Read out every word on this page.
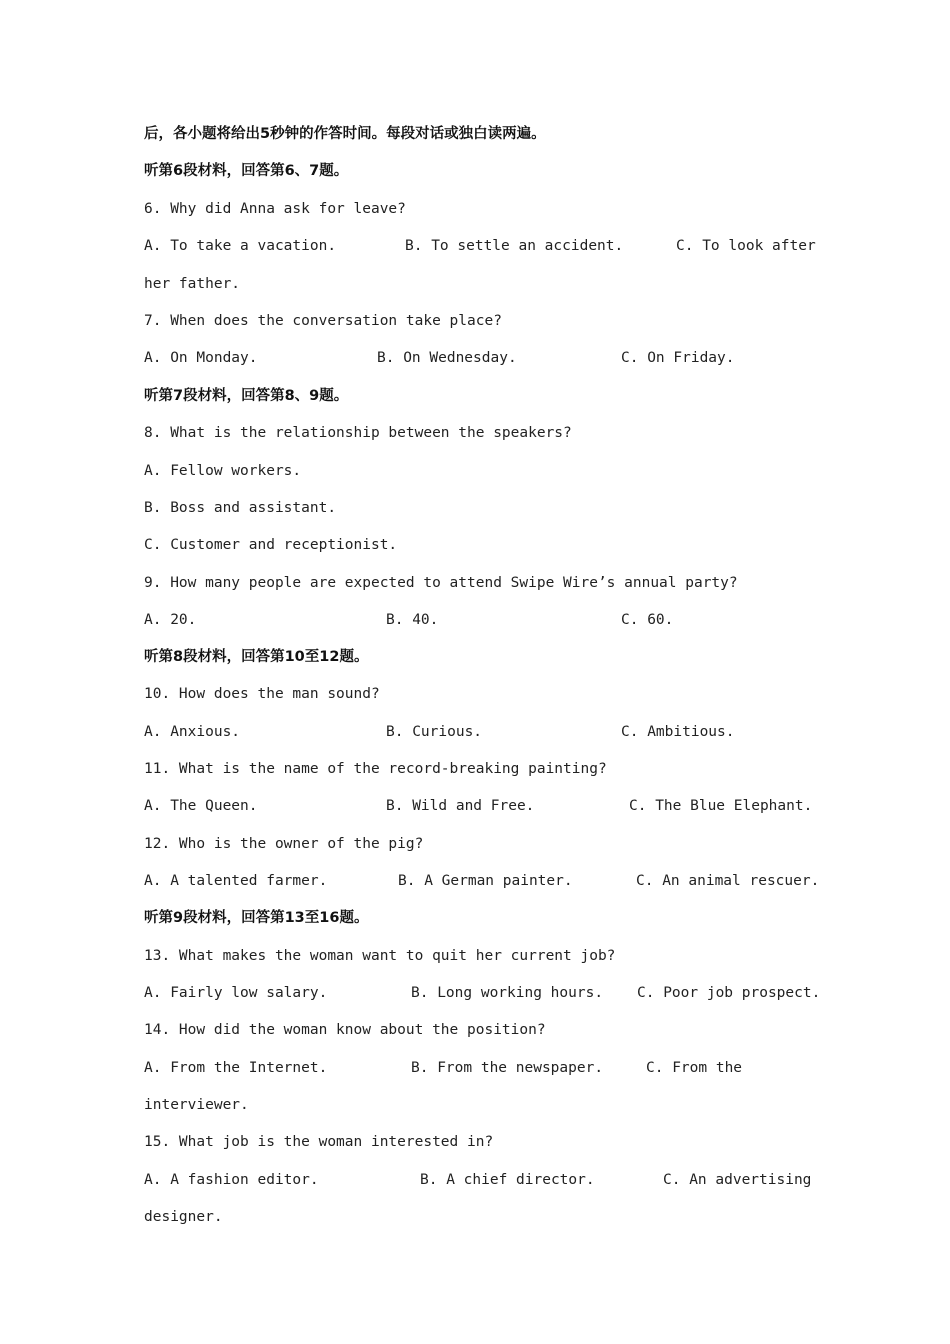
后，各小题将给出5秒钟的作答时间。每段对话或独白读两遍。
听第6段材料，回答第6、7题。
6. Why did Anna ask for leave?
A. To take a vacation.	B. To settle an accident.	C. To look after
her father.
7. When does the conversation take place?
A. On Monday.	B. On Wednesday.	C. On Friday.
听第7段材料，回答第8、9题。
8. What is the relationship between the speakers?
A. Fellow workers.
B. Boss and assistant.
C. Customer and receptionist.
9. How many people are expected to attend Swipe Wire’s annual party?
A. 20.	B. 40.	C. 60.
听第8段材料，回答第10至12题。
10. How does the man sound?
A. Anxious.	B. Curious.	C. Ambitious.
11. What is the name of the record-breaking painting?
A. The Queen.	B. Wild and Free.	C. The Blue Elephant.
12. Who is the owner of the pig?
A. A talented farmer.	B. A German painter.	C. An animal rescuer.
听第9段材料，回答第13至16题。
13. What makes the woman want to quit her current job?
A. Fairly low salary.	B. Long working hours. C. Poor job prospect.
14. How did the woman know about the position?
A. From the Internet.	B. From the newspaper.	C. From the
interviewer.
15. What job is the woman interested in?
A. A fashion editor.	B. A chief director.	C. An advertising
designer.
